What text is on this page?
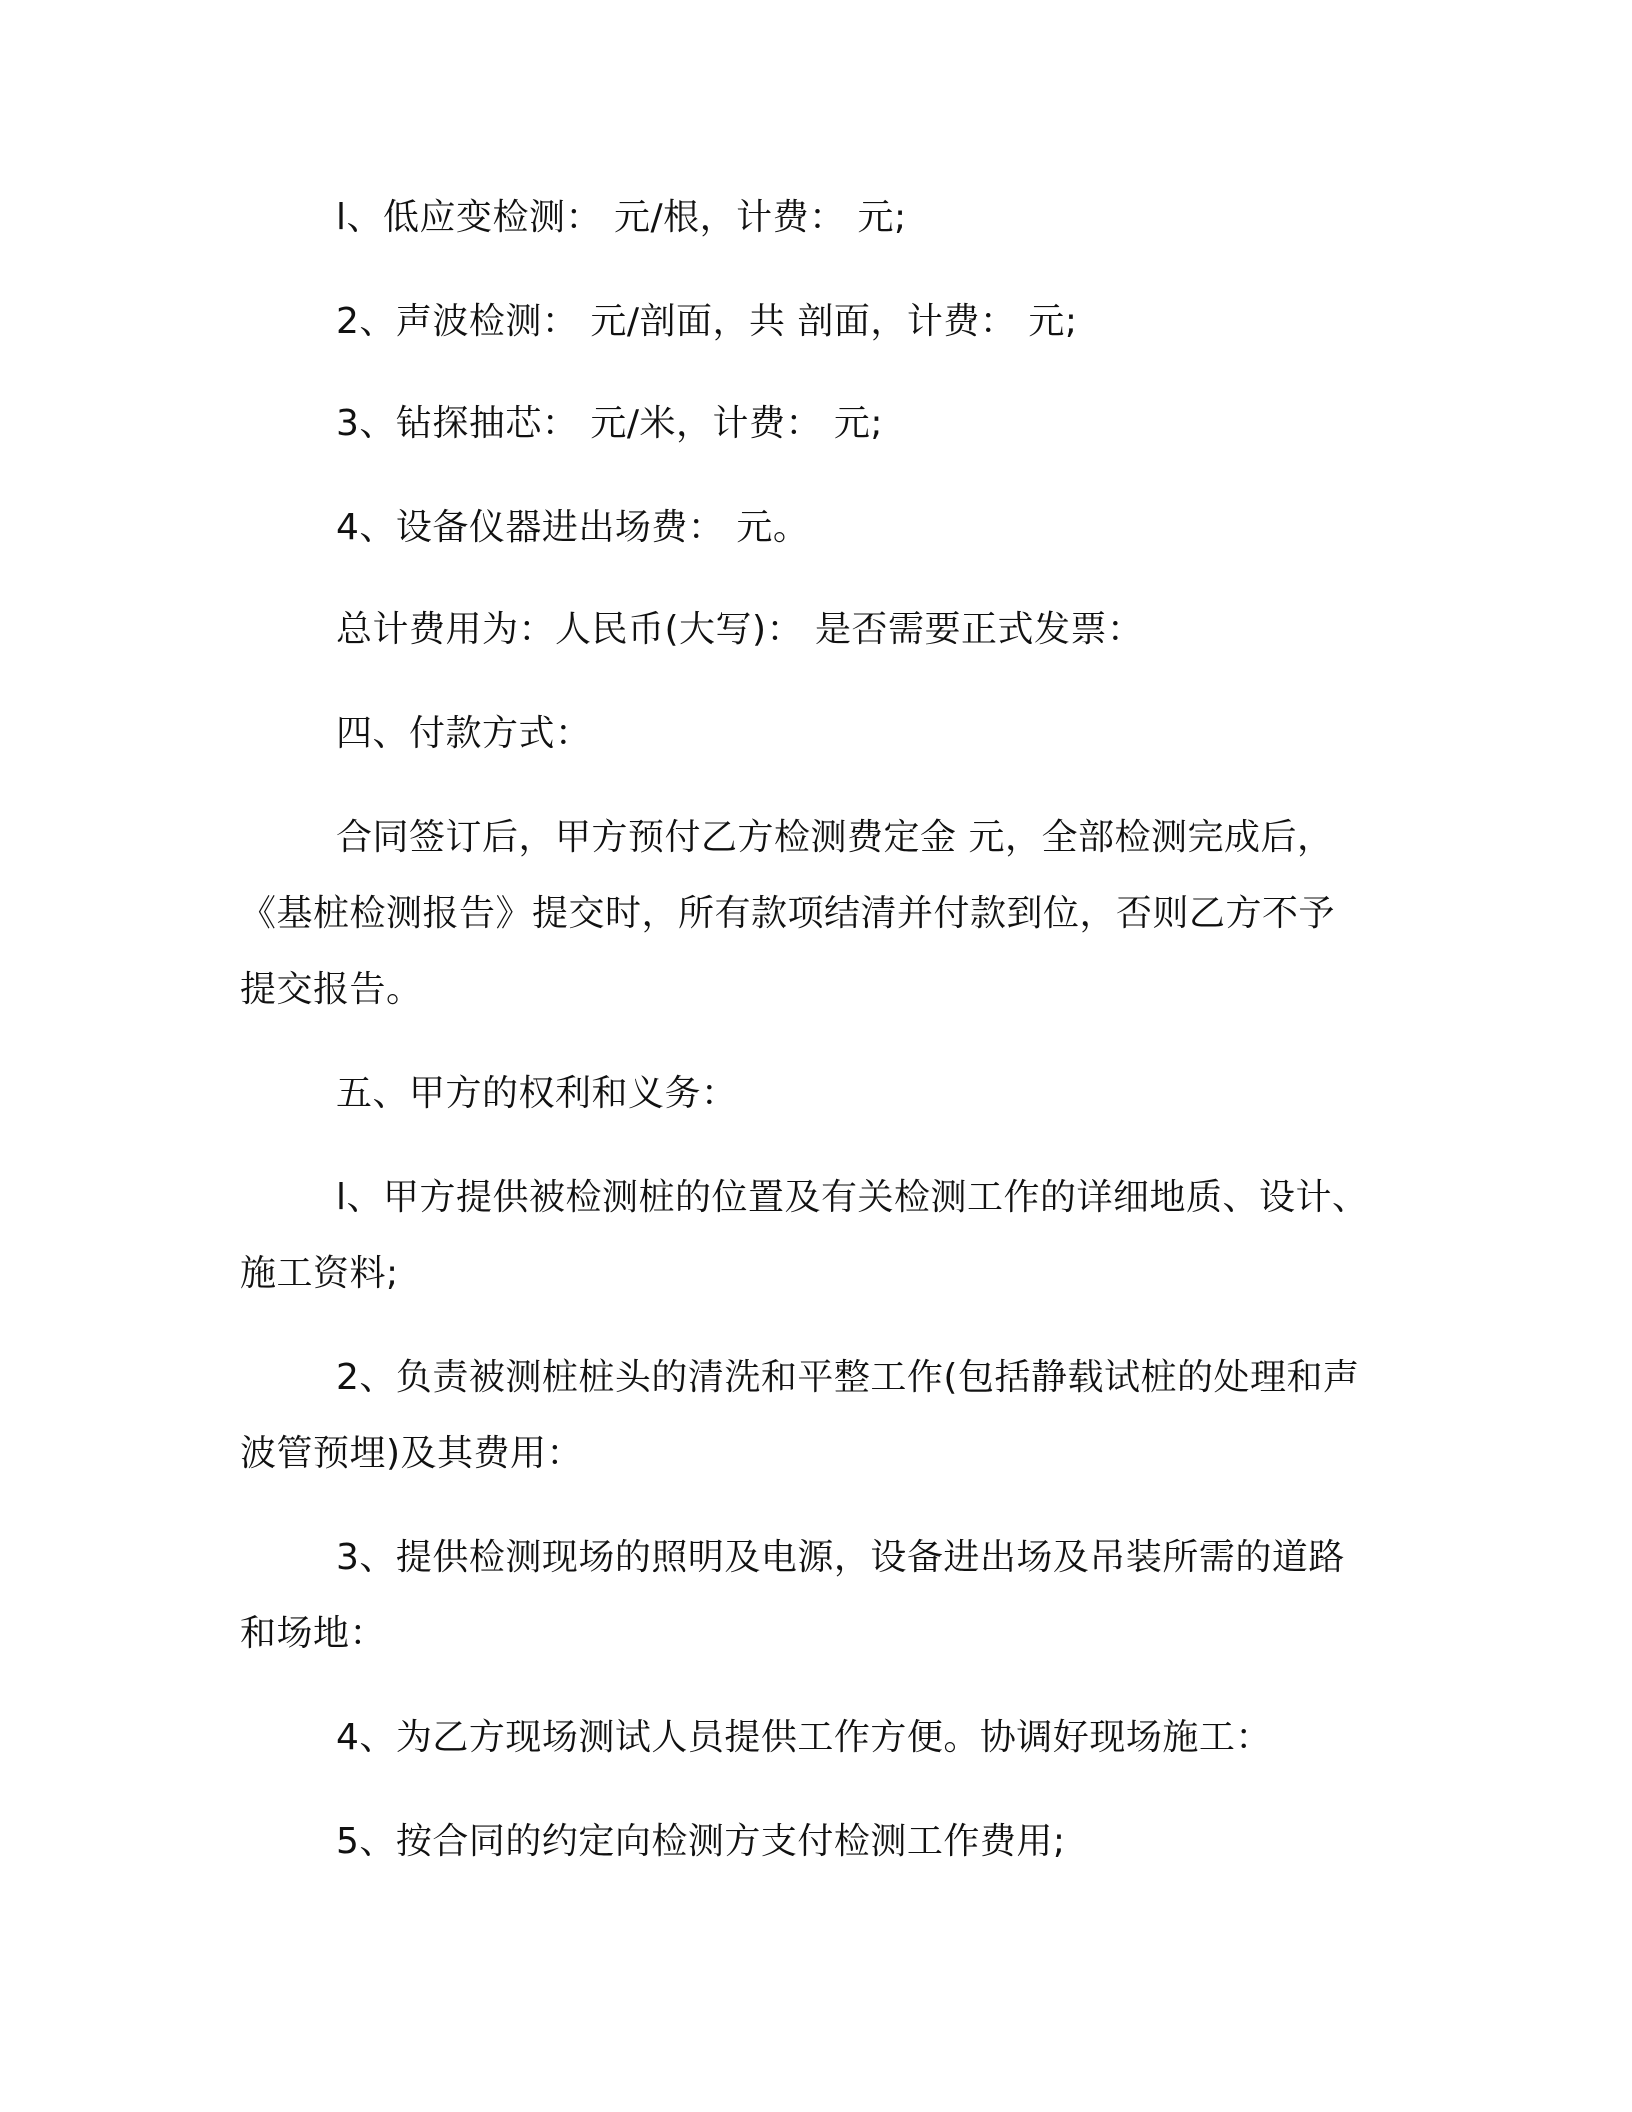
l、低应变检测： 元/根，计费： 元;
2、声波检测： 元/剖面，共 剖面，计费： 元;
3、钻探抽芯： 元/米，计费： 元;
4、设备仪器进出场费： 元。
总计费用为：人民币(大写)： 是否需要正式发票：
四、付款方式：
合同签订后，甲方预付乙方检测费定金 元，全部检测完成后，
《基桩检测报告》提交时，所有款项结清并付款到位，否则乙方不予
提交报告。
五、甲方的权利和义务：
l、甲方提供被检测桩的位置及有关检测工作的详细地质、设计、
施工资料;
2、负责被测桩桩头的清洗和平整工作(包括静载试桩的处理和声
波管预埋)及其费用：
3、提供检测现场的照明及电源，设备进出场及吊装所需的道路
和场地：
4、为乙方现场测试人员提供工作方便。协调好现场施工：
5、按合同的约定向检测方支付检测工作费用;
